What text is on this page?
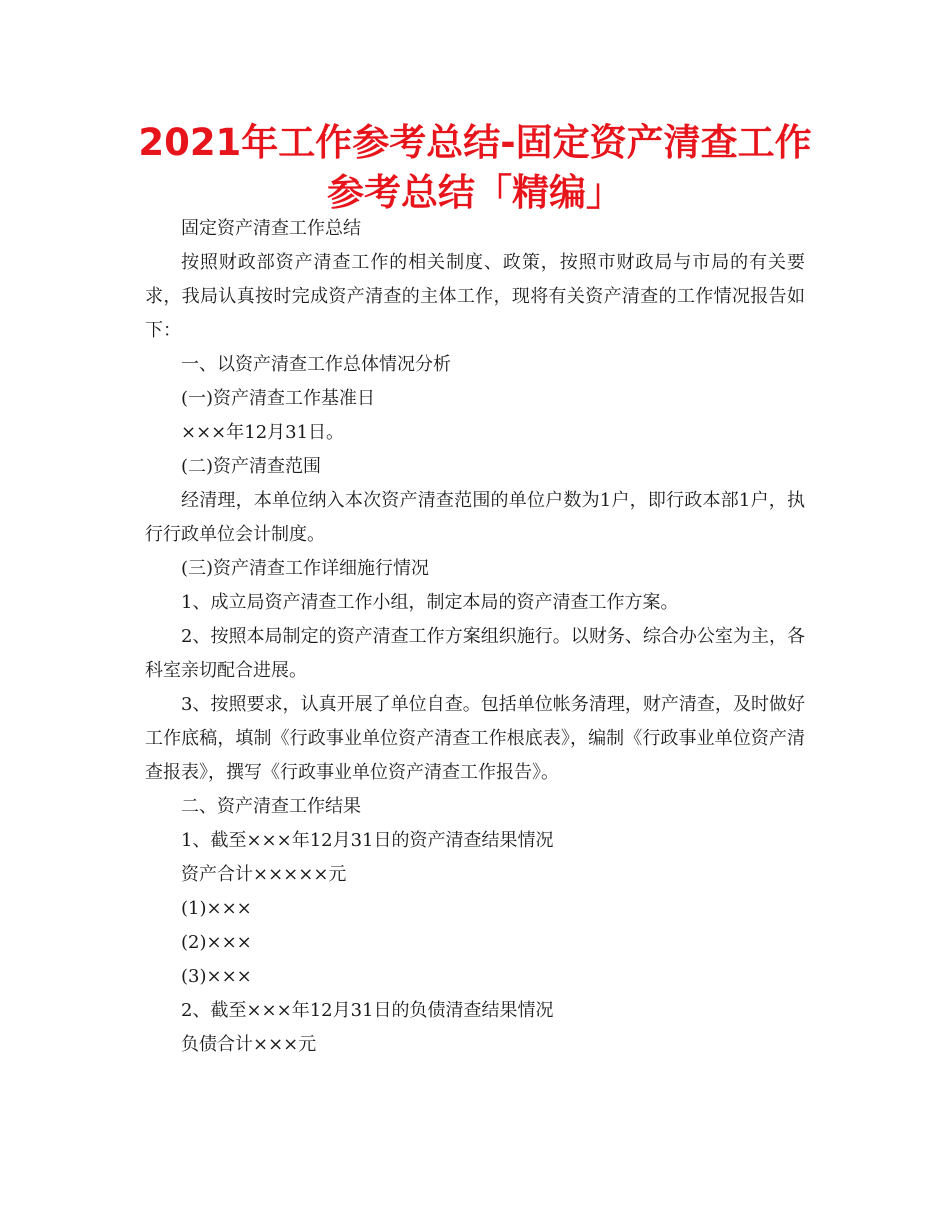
2021年工作参考总结-固定资产清查工作参考总结「精编」

固定资产清查工作总结

按照财政部资产清查工作的相关制度、政策，按照市财政局与市局的有关要求，我局认真按时完成资产清查的主体工作，现将有关资产清查的工作情况报告如下：

一、以资产清查工作总体情况分析

(一)资产清查工作基准日

×××年12月31日。

(二)资产清查范围

经清理，本单位纳入本次资产清查范围的单位户数为1户，即行政本部1户，执行行政单位会计制度。

(三)资产清查工作详细施行情况

1、成立局资产清查工作小组，制定本局的资产清查工作方案。

2、按照本局制定的资产清查工作方案组织施行。以财务、综合办公室为主，各科室亲切配合进展。

3、按照要求，认真开展了单位自查。包括单位帐务清理，财产清查，及时做好工作底稿，填制《行政事业单位资产清查工作根底表》，编制《行政事业单位资产清查报表》，撰写《行政事业单位资产清查工作报告》。

二、资产清查工作结果

1、截至×××年12月31日的资产清查结果情况

资产合计×××××元

(1)×××

(2)×××

(3)×××

2、截至×××年12月31日的负债清查结果情况

负债合计×××元
